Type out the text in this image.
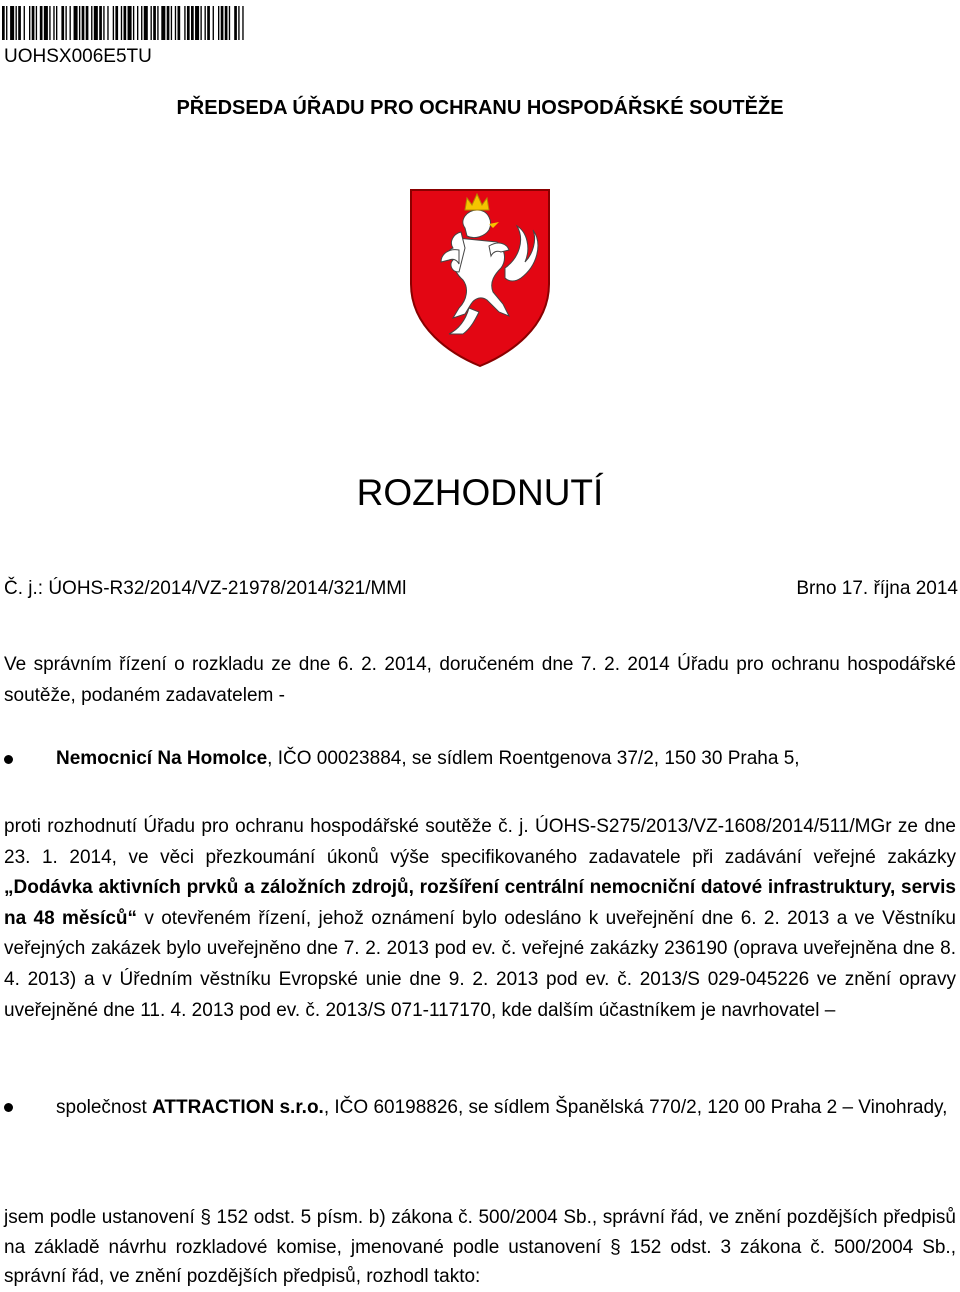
UOHSX006E5TU
PŘEDSEDA ÚŘADU PRO OCHRANU HOSPODÁŘSKÉ SOUTĚŽE
ROZHODNUTÍ
Č. j.: ÚOHS-R32/2014/VZ-21978/2014/321/MMl	Brno 17. října 2014
Ve správním řízení o rozkladu ze dne 6. 2. 2014, doručeném dne 7. 2. 2014 Úřadu pro ochranu hospodářské soutěže, podaném zadavatelem -
Nemocnicí Na Homolce, IČO 00023884, se sídlem Roentgenova 37/2, 150 30 Praha 5,
proti rozhodnutí Úřadu pro ochranu hospodářské soutěže č. j. ÚOHS-S275/2013/VZ-1608/2014/511/MGr ze dne 23. 1. 2014, ve věci přezkoumání úkonů výše specifikovaného zadavatele při zadávání veřejné zakázky „Dodávka aktivních prvků a záložních zdrojů, rozšíření centrální nemocniční datové infrastruktury, servis na 48 měsíců“ v otevřeném řízení, jehož oznámení bylo odesláno k uveřejnění dne 6. 2. 2013 a ve Věstníku veřejných zakázek bylo uveřejněno dne 7. 2. 2013 pod ev. č. veřejné zakázky 236190 (oprava uveřejněna dne 8. 4. 2013) a v Úředním věstníku Evropské unie dne 9. 2. 2013 pod ev. č. 2013/S 029-045226 ve znění opravy uveřejněné dne 11. 4. 2013 pod ev. č. 2013/S 071-117170, kde dalším účastníkem je navrhovatel –
společnost ATTRACTION s.r.o., IČO 60198826, se sídlem Španělská 770/2, 120 00 Praha 2 – Vinohrady,
jsem podle ustanovení § 152 odst. 5 písm. b) zákona č. 500/2004 Sb., správní řád, ve znění pozdějších předpisů na základě návrhu rozkladové komise, jmenované podle ustanovení § 152 odst. 3 zákona č. 500/2004 Sb., správní řád, ve znění pozdějších předpisů, rozhodl takto:
